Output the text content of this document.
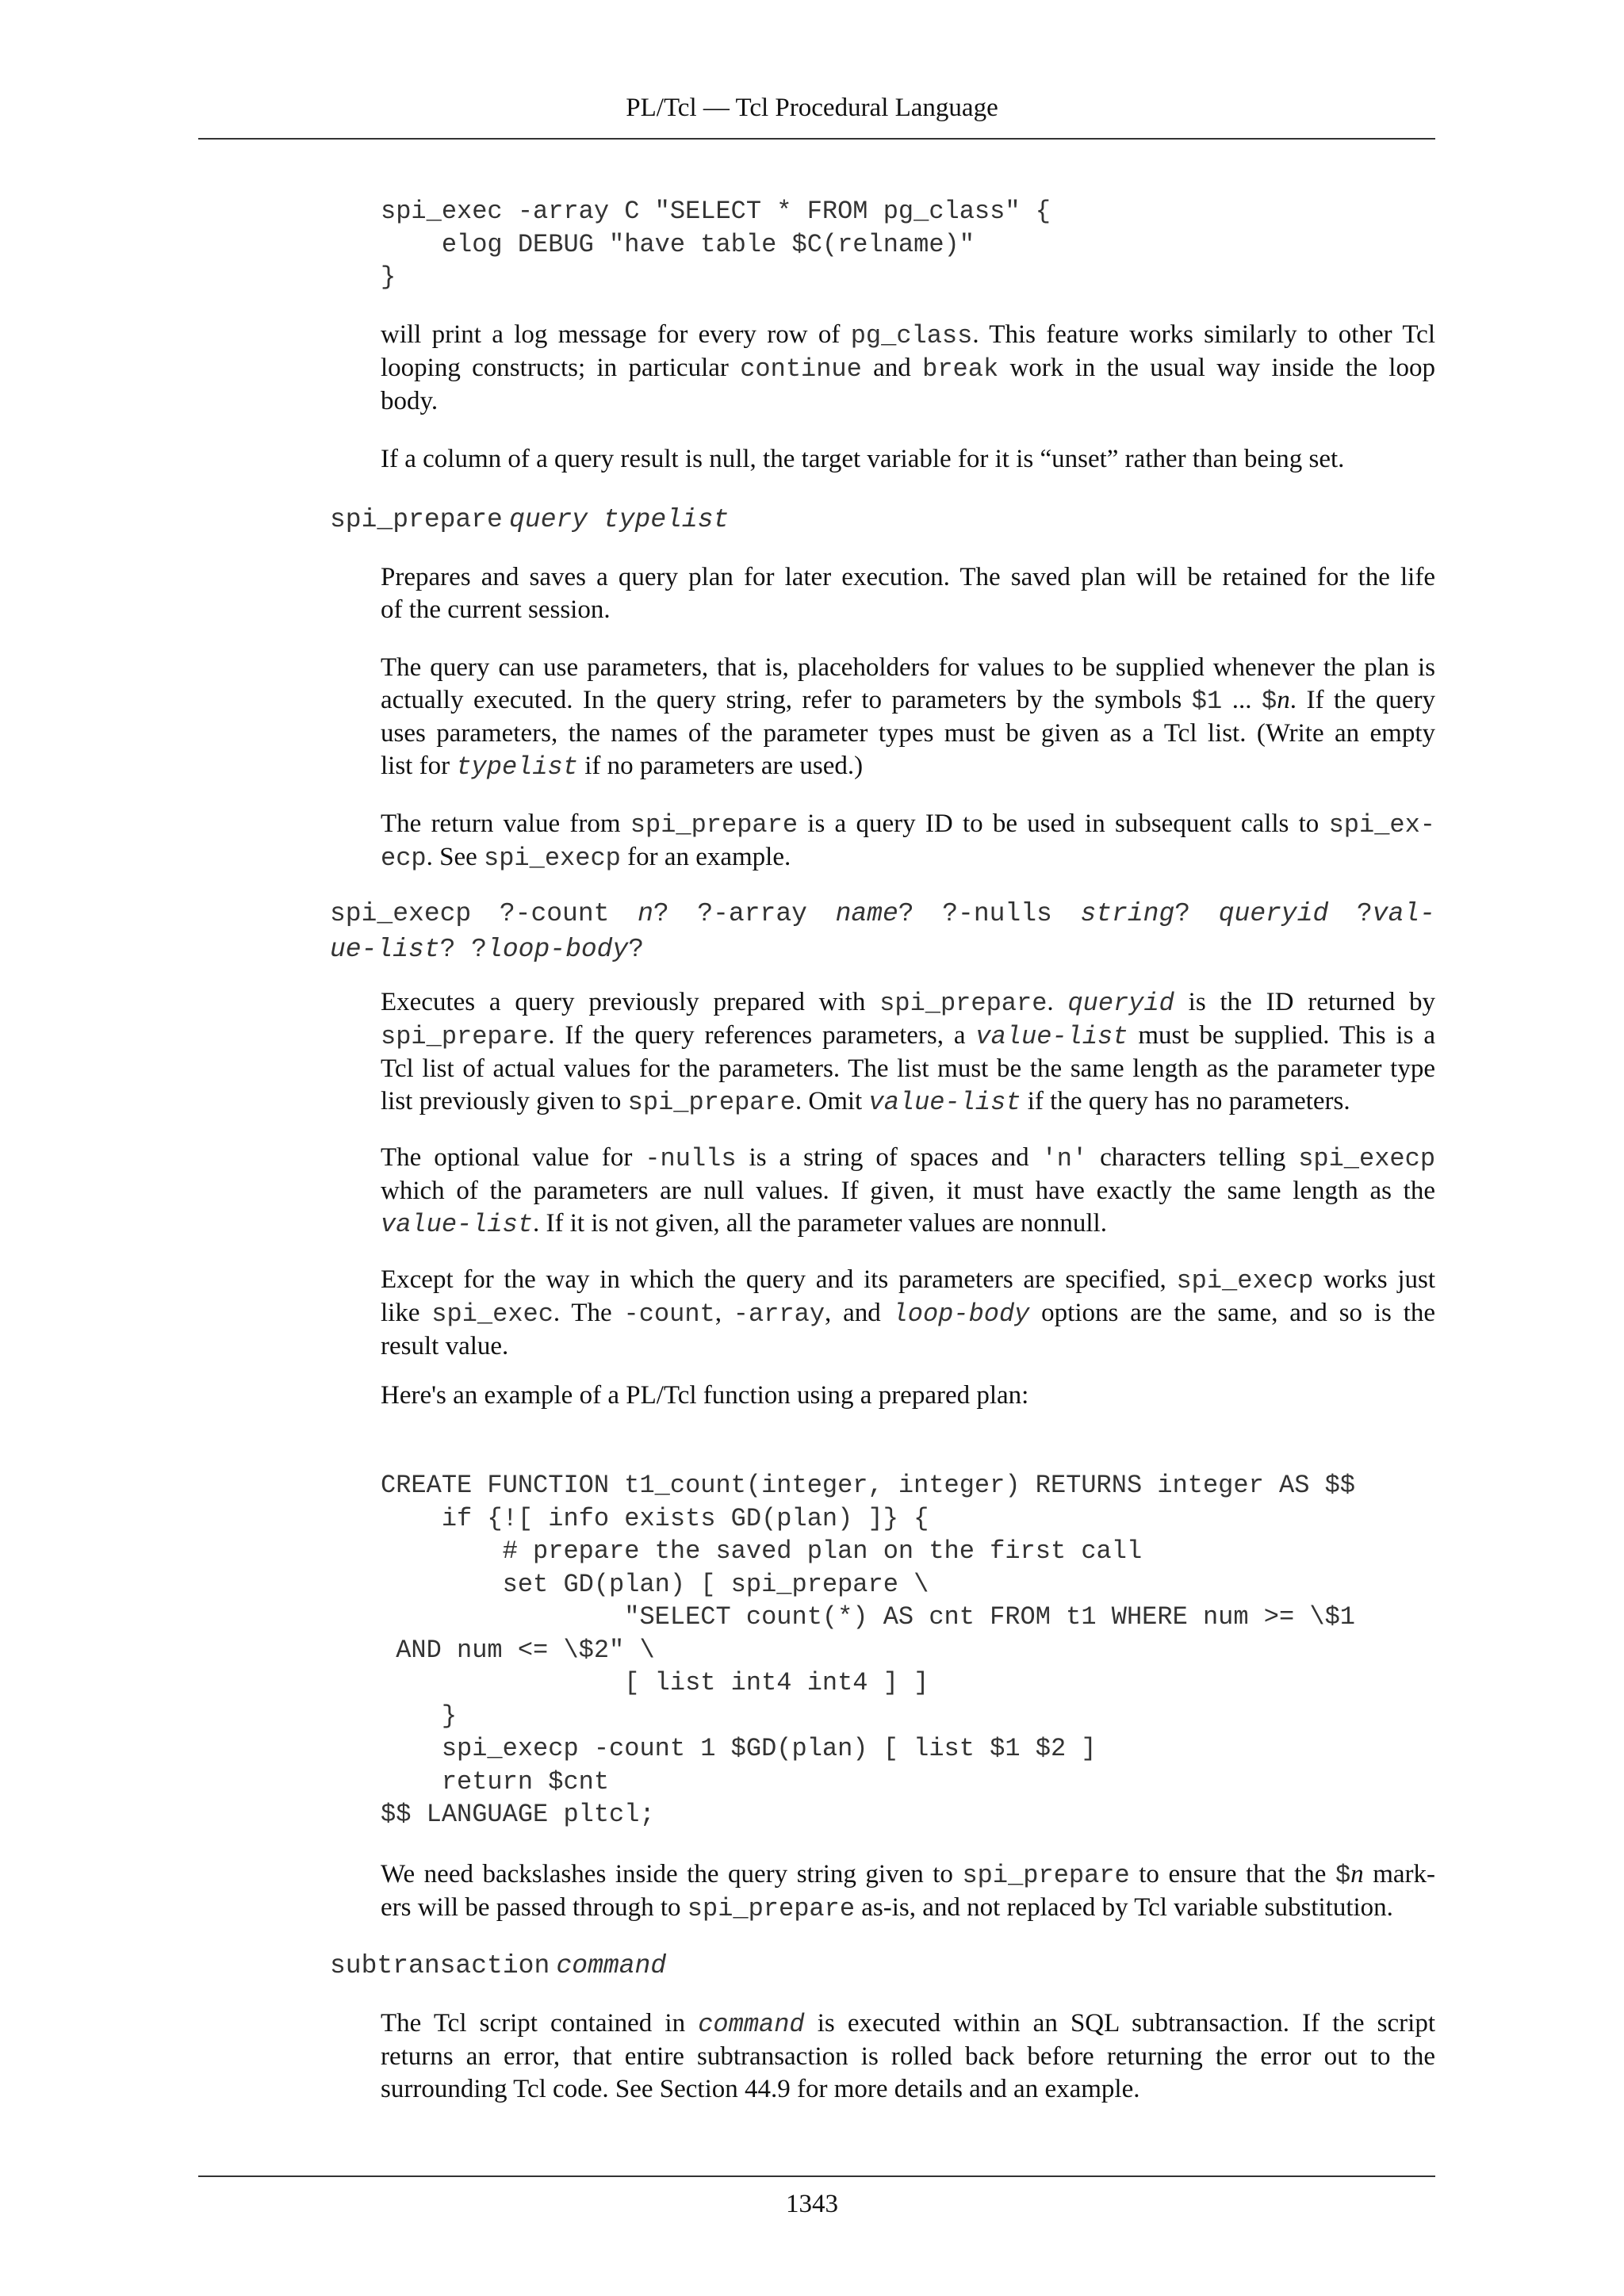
PL/Tcl — Tcl Procedural Language
spi_exec -array C "SELECT * FROM pg_class" {
elog DEBUG "have table $C(relname)"
}
will print a log message for every row of pg_class. This feature works similarly to other Tcl
looping constructs; in particular continue and break work in the usual way inside the loop
body.
If a column of a query result is null, the target variable for it is “unset” rather than being set.
spi_prepare query typelist
Prepares and saves a query plan for later execution. The saved plan will be retained for the life
of the current session.
The query can use parameters, that is, placeholders for values to be supplied whenever the plan is
actually executed. In the query string, refer to parameters by the symbols $1 ... $n. If the query
uses parameters, the names of the parameter types must be given as a Tcl list. (Write an empty
list for typelist if no parameters are used.)
The return value from spi_prepare is a query ID to be used in subsequent calls to spi_ex-
ecp. See spi_execp for an example.
spi_execp ?-count n? ?-array name? ?-nulls string? queryid ?val-
ue-list? ?loop-body?
Executes a query previously prepared with spi_prepare. queryid is the ID returned by
spi_prepare. If the query references parameters, a value-list must be supplied. This is a
Tcl list of actual values for the parameters. The list must be the same length as the parameter type
list previously given to spi_prepare. Omit value-list if the query has no parameters.
The optional value for -nulls is a string of spaces and 'n' characters telling spi_execp
which of the parameters are null values. If given, it must have exactly the same length as the
value-list. If it is not given, all the parameter values are nonnull.
Except for the way in which the query and its parameters are specified, spi_execp works just
like spi_exec. The -count, -array, and loop-body options are the same, and so is the
result value.
Here's an example of a PL/Tcl function using a prepared plan:
CREATE FUNCTION t1_count(integer, integer) RETURNS integer AS $$
if {![ info exists GD(plan) ]} {
# prepare the saved plan on the first call
set GD(plan) [ spi_prepare \
"SELECT count(*) AS cnt FROM t1 WHERE num >= \$1
AND num <= \$2" \
[ list int4 int4 ] ]
}
spi_execp -count 1 $GD(plan) [ list $1 $2 ]
return $cnt
$$ LANGUAGE pltcl;
We need backslashes inside the query string given to spi_prepare to ensure that the $n mark-
ers will be passed through to spi_prepare as-is, and not replaced by Tcl variable substitution.
subtransaction command
The Tcl script contained in command is executed within an SQL subtransaction. If the script
returns an error, that entire subtransaction is rolled back before returning the error out to the
surrounding Tcl code. See Section 44.9 for more details and an example.
1343
